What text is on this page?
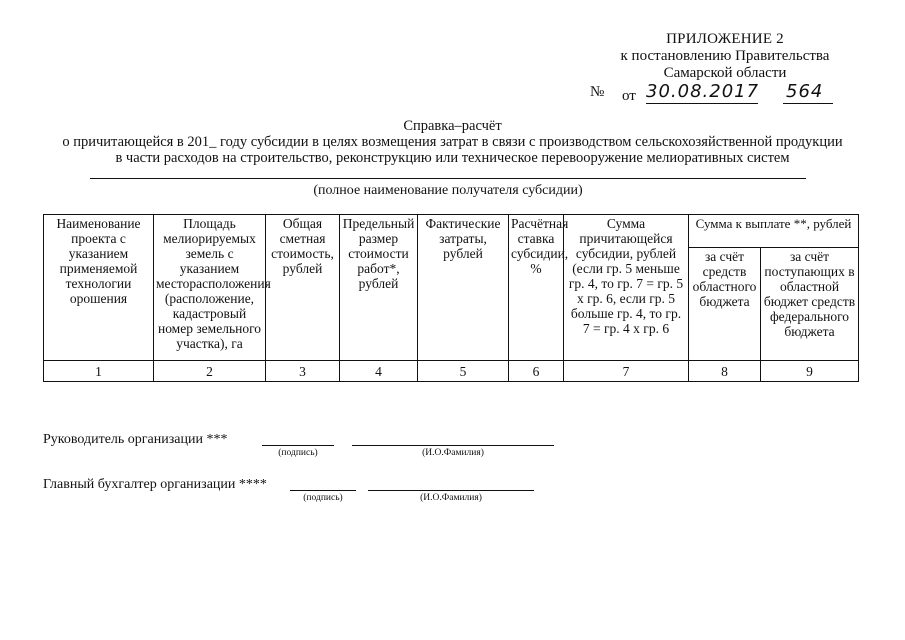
ПРИЛОЖЕНИЕ 2
к постановлению Правительства
Самарской области
от 30.08.2017
№	564
Справка–расчёт
о причитающейся в 201_ году субсидии в целях возмещения затрат в связи с производством сельскохозяйственной продукции
в части расходов на строительство, реконструкцию или техническое перевооружение мелиоративных систем
(полное наименование получателя субсидии)
Наименование проекта с указанием применяемой технологии орошения	Площадь мелиорируемых земель с указанием месторасположения (расположение, кадастровый номер земельного участка), га	Общая сметная стоимость, рублей	Предельный размер стоимости работ*, рублей	Фактические затраты, рублей	Расчётная ставка субсидии, %	Сумма причитающейся субсидии, рублей (если гр. 5 меньше гр. 4, то гр. 7 = гр. 5 х гр. 6, если гр. 5 больше гр. 4, то гр. 7 = гр. 4 х гр. 6	Сумма к выплате **, рублей	
							за счёт средств областного бюджета	за счёт поступающих в областной бюджет средств федерального бюджета
1	2	3	4	5	6	7	8	9
Руководитель организации ***
(подпись)	(И.О.Фамилия)
Главный бухгалтер организации ****
(подпись)	(И.О.Фамилия)
